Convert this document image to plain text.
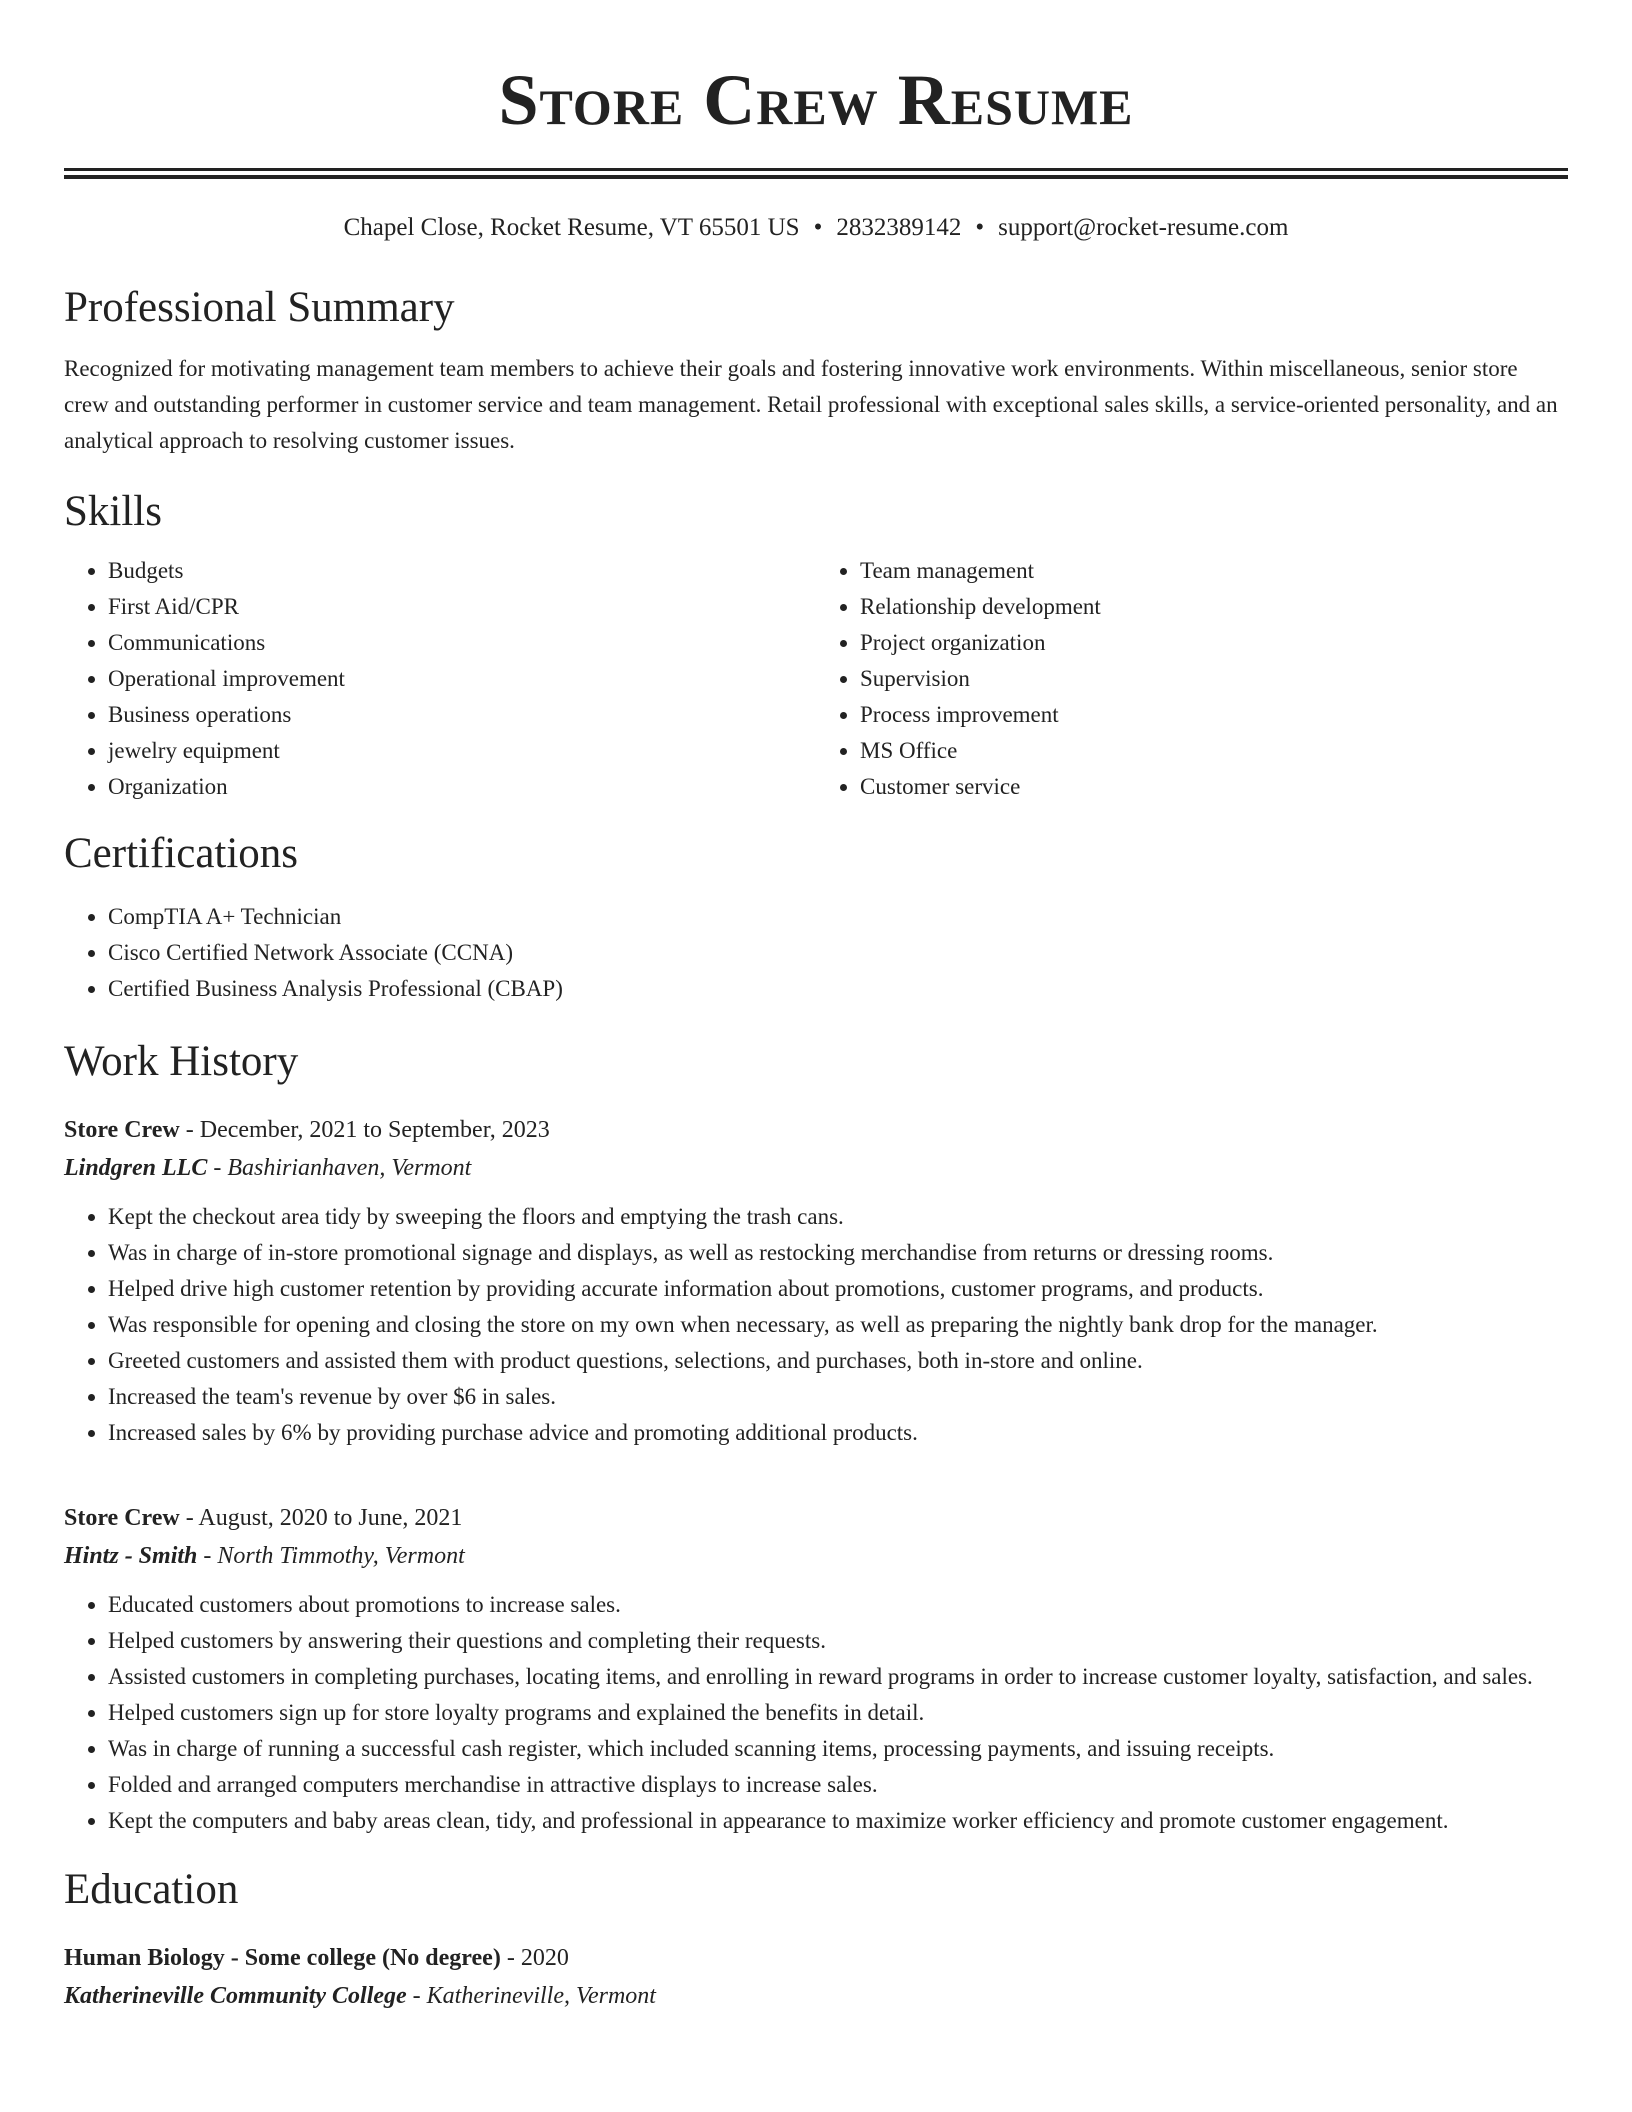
Store Crew Resume
Chapel Close, Rocket Resume, VT 65501 US • 2832389142 • support@rocket-resume.com
Professional Summary

Recognized for motivating management team members to achieve their goals and fostering innovative work environments. Within miscellaneous, senior store crew and outstanding performer in customer service and team management. Retail professional with exceptional sales skills, a service-oriented personality, and an analytical approach to resolving customer issues.

Skills
• Budgets
• First Aid/CPR
• Communications
• Operational improvement
• Business operations
• jewelry equipment
• Organization
• Team management
• Relationship development
• Project organization
• Supervision
• Process improvement
• MS Office
• Customer service
Certifications
• CompTIA A+ Technician
• Cisco Certified Network Associate (CCNA)
• Certified Business Analysis Professional (CBAP)
Work History
Store Crew - December, 2021 to September, 2023
Lindgren LLC - Bashirianhaven, Vermont
• Kept the checkout area tidy by sweeping the floors and emptying the trash cans.
• Was in charge of in-store promotional signage and displays, as well as restocking merchandise from returns or dressing rooms.
• Helped drive high customer retention by providing accurate information about promotions, customer programs, and products.
• Was responsible for opening and closing the store on my own when necessary, as well as preparing the nightly bank drop for the manager.
• Greeted customers and assisted them with product questions, selections, and purchases, both in-store and online.
• Increased the team's revenue by over $6 in sales.
• Increased sales by 6% by providing purchase advice and promoting additional products.
Store Crew - August, 2020 to June, 2021
Hintz - Smith - North Timmothy, Vermont
• Educated customers about promotions to increase sales.
• Helped customers by answering their questions and completing their requests.
• Assisted customers in completing purchases, locating items, and enrolling in reward programs in order to increase customer loyalty, satisfaction, and sales.
• Helped customers sign up for store loyalty programs and explained the benefits in detail.
• Was in charge of running a successful cash register, which included scanning items, processing payments, and issuing receipts.
• Folded and arranged computers merchandise in attractive displays to increase sales.
• Kept the computers and baby areas clean, tidy, and professional in appearance to maximize worker efficiency and promote customer engagement.
Education
Human Biology - Some college (No degree) - 2020
Katherineville Community College - Katherineville, Vermont
